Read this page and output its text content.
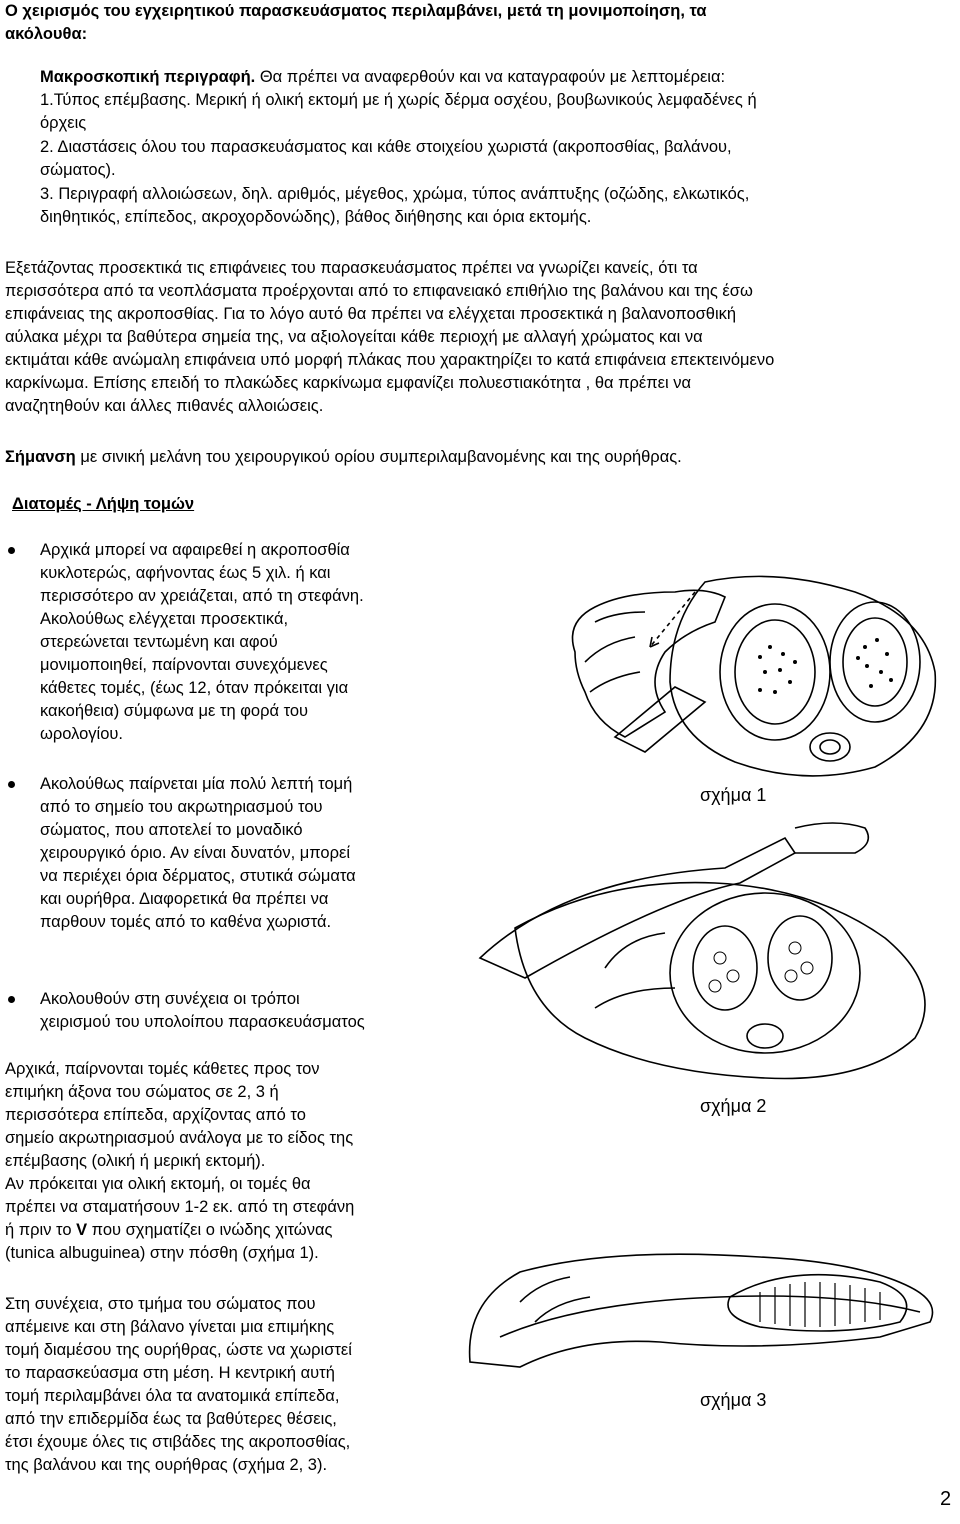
Ο χειρισμός του εγχειρητικού παρασκευάσματος περιλαμβάνει, μετά τη μονιμοποίηση, τα

ακόλουθα:

Μακροσκοπική περιγραφή. Θα πρέπει να αναφερθούν και να καταγραφούν με λεπτομέρεια:

1.Τύπος επέμβασης. Μερική ή ολική εκτομή με ή χωρίς δέρμα οσχέου, βουβωνικούς λεμφαδένες ή

όρχεις

2. Διαστάσεις όλου του παρασκευάσματος και κάθε στοιχείου χωριστά (ακροποσθίας, βαλάνου,

σώματος).

3. Περιγραφή αλλοιώσεων, δηλ. αριθμός, μέγεθος, χρώμα, τύπος ανάπτυξης (οζώδης, ελκωτικός,

διηθητικός, επίπεδος, ακροχορδονώδης), βάθος διήθησης και όρια εκτομής.

Εξετάζοντας προσεκτικά τις επιφάνειες του παρασκευάσματος πρέπει να γνωρίζει κανείς, ότι τα

περισσότερα από τα νεοπλάσματα προέρχονται από το επιφανειακό επιθήλιο της βαλάνου και της έσω

επιφάνειας της ακροποσθίας. Για το λόγο αυτό θα πρέπει να ελέγχεται προσεκτικά η βαλανοποσθική

αύλακα μέχρι τα βαθύτερα σημεία της, να αξιολογείται κάθε περιοχή με αλλαγή χρώματος και να

εκτιμάται κάθε ανώμαλη επιφάνεια υπό μορφή πλάκας που χαρακτηρίζει το κατά επιφάνεια επεκτεινόμενο

καρκίνωμα. Επίσης επειδή το πλακώδες καρκίνωμα εμφανίζει πολυεστιακότητα , θα πρέπει να

αναζητηθούν και άλλες πιθανές αλλοιώσεις.

Σήμανση με σινική μελάνη του χειρουργικού ορίου συμπεριλαμβανομένης και της ουρήθρας.

Διατομές - Λήψη τομών

Αρχικά μπορεί να αφαιρεθεί η ακροποσθία

κυκλοτερώς, αφήνοντας έως 5 χιλ. ή και

περισσότερο αν χρειάζεται, από τη στεφάνη.

Ακολούθως ελέγχεται προσεκτικά,

στερεώνεται τεντωμένη και αφού

μονιμοποιηθεί, παίρνονται συνεχόμενες

κάθετες τομές, (έως 12, όταν πρόκειται για

κακοήθεια) σύμφωνα με τη φορά του

ωρολογίου.

Ακολούθως παίρνεται μία πολύ λεπτή τομή

από το σημείο του ακρωτηριασμού του

σώματος, που αποτελεί το μοναδικό

χειρουργικό όριο. Αν είναι δυνατόν, μπορεί

να περιέχει όρια δέρματος, στυτικά σώματα

και ουρήθρα. Διαφορετικά θα πρέπει να

παρθουν τομές από το καθένα χωριστά.

Ακολουθούν στη συνέχεια οι τρόποι

χειρισμού του υπολοίπου παρασκευάσματος

Αρχικά, παίρνονται τομές κάθετες προς τον

επιμήκη άξονα του σώματος σε 2, 3 ή

περισσότερα επίπεδα, αρχίζοντας από το

σημείο ακρωτηριασμού ανάλογα με το είδος της

επέμβασης (ολική ή μερική εκτομή).

Αν πρόκειται για ολική εκτομή, οι τομές θα

πρέπει να σταματήσουν 1-2 εκ. από τη στεφάνη

ή πριν το V που σχηματίζει ο ινώδης χιτώνας

(tunica albuguinea) στην πόσθη (σχήμα 1).

Στη συνέχεια, στο τμήμα του σώματος που

απέμεινε και στη βάλανο γίνεται μια επιμήκης

τομή διαμέσου της ουρήθρας, ώστε να χωριστεί

το παρασκεύασμα στη μέση. Η κεντρική αυτή

τομή περιλαμβάνει όλα τα ανατομικά επίπεδα,

από την επιδερμίδα έως τα βαθύτερες θέσεις,

έτσι έχουμε όλες τις στιβάδες της ακροποσθίας,

της βαλάνου και της ουρήθρας (σχήμα 2, 3).

σχήμα 1
σχήμα 2
σχήμα 3
2
